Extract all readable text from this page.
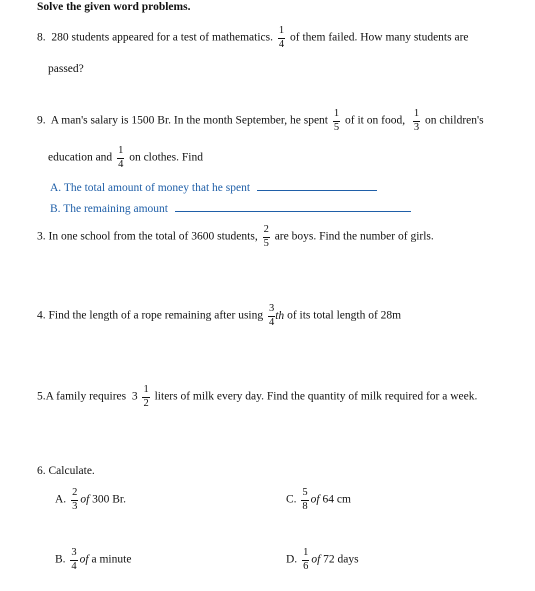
Solve the given word problems.
8. 280 students appeared for a test of mathematics. $\frac{1}{4}$ of them failed. How many students are
passed?
9. A man's salary is 1500 Br. In the month September, he spent $\frac{1}{5}$ of it on food, $\frac{1}{3}$ on children's
education and $\frac{1}{4}$ on clothes. Find
A. The total amount of money that he spent
B. The remaining amount
3. In one school from the total of 3600 students, $\frac{2}{5}$ are boys. Find the number of girls.
4. Find the length of a rope remaining after using $\frac{3}{4}$ th of its total length of 28m
5.A family requires $3 \frac{1}{2}$ liters of milk every day. Find the quantity of milk required for a week.
6. Calculate.
A. $\frac{2}{3}$ of 300 Br.	C. $\frac{5}{8}$ of 64 cm
B. $\frac{3}{4}$ of a minute	D. $\frac{1}{6}$ of 72 days
